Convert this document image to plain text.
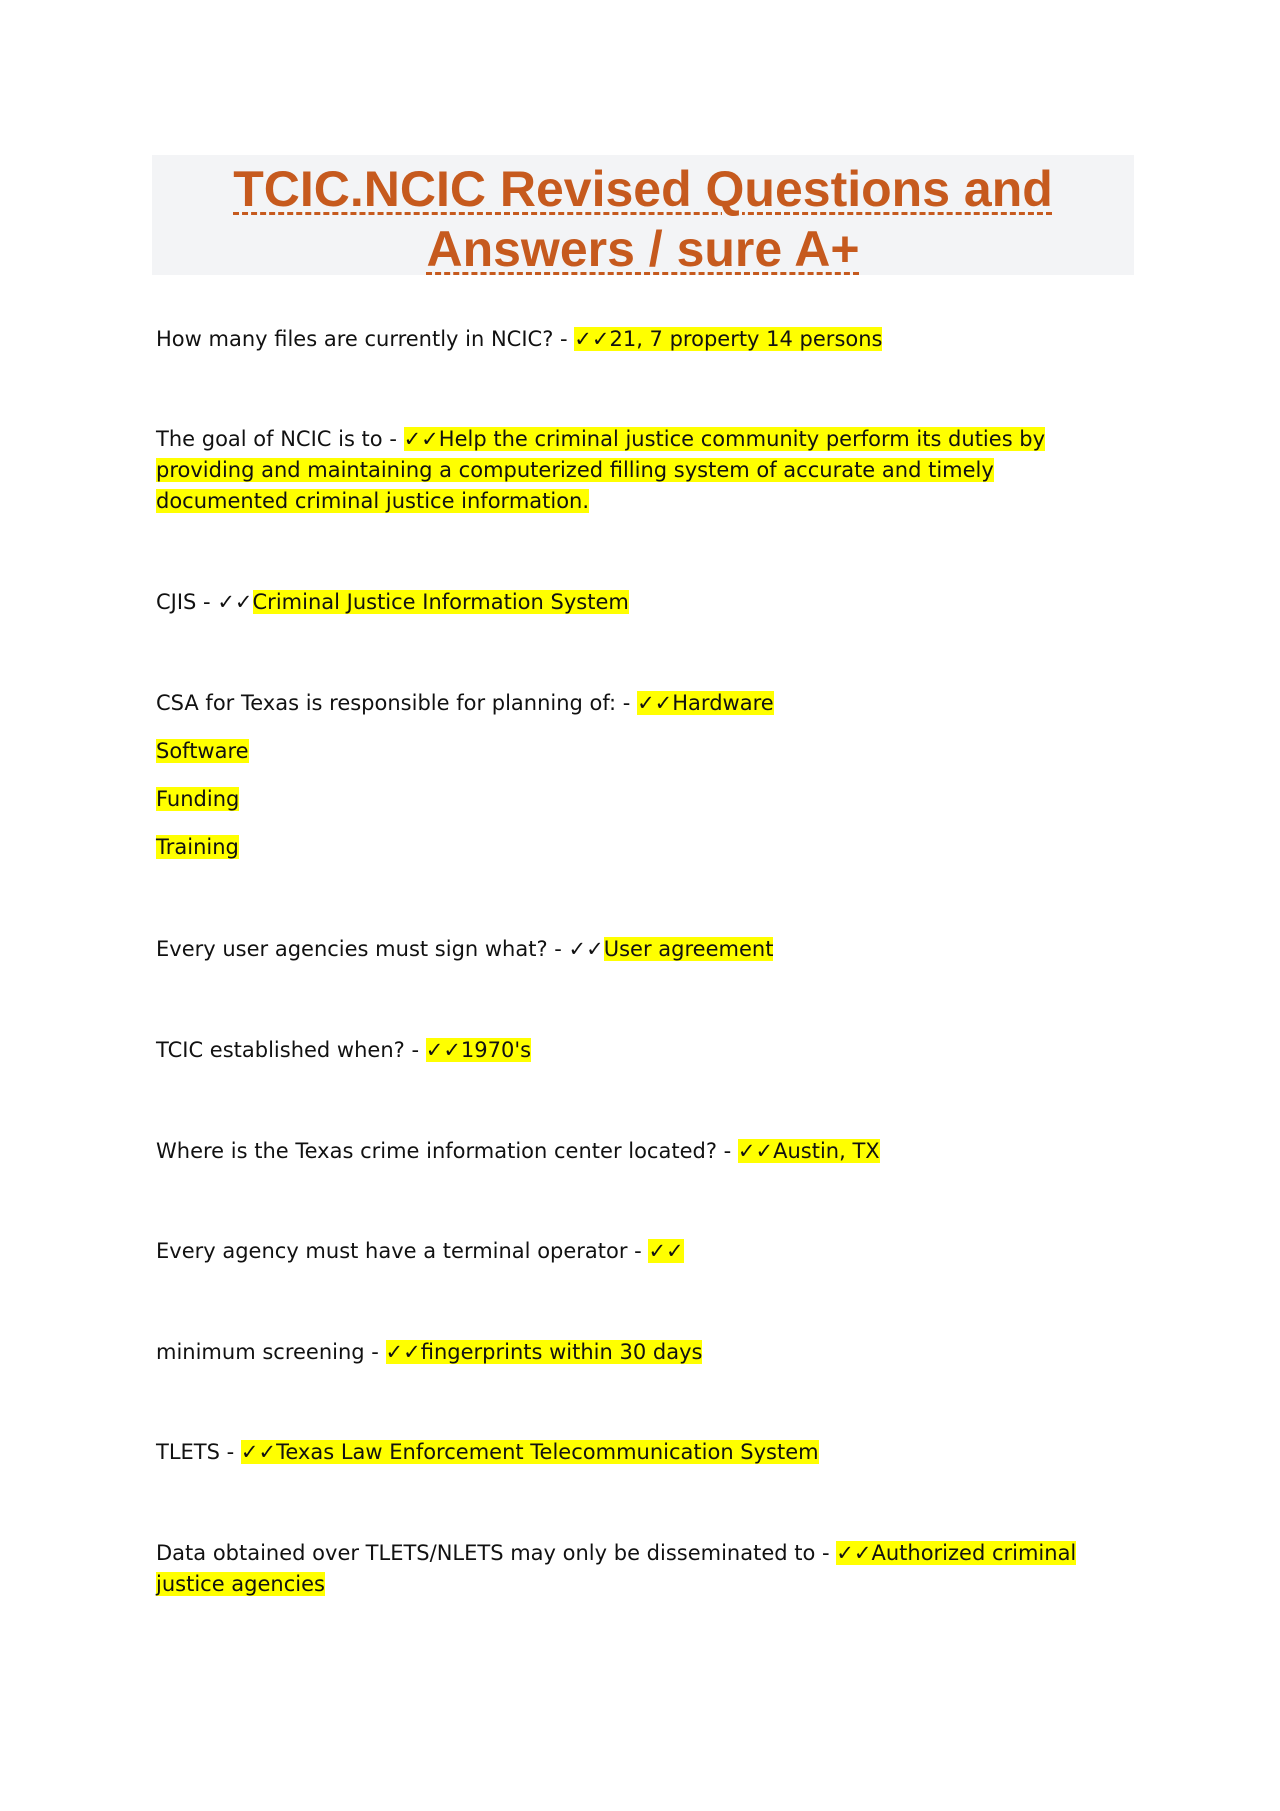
TCIC.NCIC Revised Questions and Answers / sure A+
How many files are currently in NCIC? - ✓✓21, 7 property 14 persons
The goal of NCIC is to - ✓✓Help the criminal justice community perform its duties by providing and maintaining a computerized filling system of accurate and timely documented criminal justice information.
CJIS - ✓✓Criminal Justice Information System
CSA for Texas is responsible for planning of: - ✓✓Hardware
Software
Funding
Training
Every user agencies must sign what? - ✓✓User agreement
TCIC established when? - ✓✓1970's
Where is the Texas crime information center located? - ✓✓Austin, TX
Every agency must have a terminal operator - ✓✓
minimum screening - ✓✓fingerprints within 30 days
TLETS - ✓✓Texas Law Enforcement Telecommunication System
Data obtained over TLETS/NLETS may only be disseminated to - ✓✓Authorized criminal justice agencies
